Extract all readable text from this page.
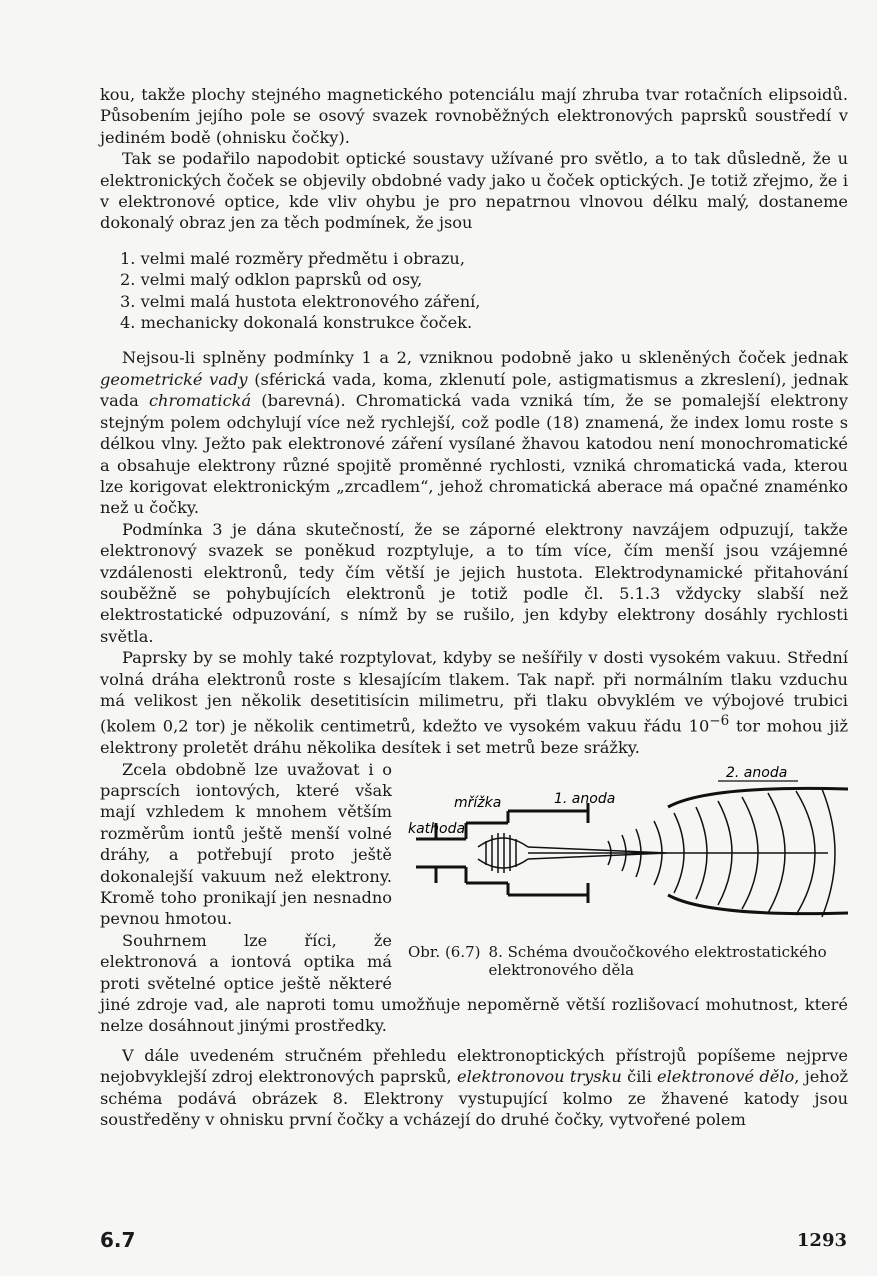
kou, takže plochy stejného magnetického potenciálu mají zhruba tvar rotačních elipsoidů. Působením jejího pole se osový svazek rovnoběžných elektronových paprsků soustředí v jediném bodě (ohnisku čočky).

Tak se podařilo napodobit optické soustavy užívané pro světlo, a to tak důsledně, že u elektronických čoček se objevily obdobné vady jako u čoček optických. Je totiž zřejmo, že i v elektronové optice, kde vliv ohybu je pro nepatrnou vlnovou délku malý, dostaneme dokonalý obraz jen za těch podmínek, že jsou

1. velmi malé rozměry předmětu i obrazu,
2. velmi malý odklon paprsků od osy,
3. velmi malá hustota elektronového záření,
4. mechanicky dokonalá konstrukce čoček.

Nejsou-li splněny podmínky 1 a 2, vzniknou podobně jako u skleněných čoček jednak geometrické vady (sférická vada, koma, zklenutí pole, astigmatismus a zkreslení), jednak vada chromatická (barevná). Chromatická vada vzniká tím, že se pomalejší elektrony stejným polem odchylují více než rychlejší, což podle (18) znamená, že index lomu roste s délkou vlny. Ježto pak elektronové záření vysílané žhavou katodou není monochromatické a obsahuje elektrony různé spojitě proměnné rychlosti, vzniká chromatická vada, kterou lze korigovat elektronickým „zrcadlem“, jehož chromatická aberace má opačné znaménko než u čočky.

Podmínka 3 je dána skutečností, že se záporné elektrony navzájem odpuzují, takže elektronový svazek se poněkud rozptyluje, a to tím více, čím menší jsou vzájemné vzdálenosti elektronů, tedy čím větší je jejich hustota. Elektrodynamické přitahování souběžně se pohybujících elektronů je totiž podle čl. 5.1.3 vždycky slabší než elektrostatické odpuzování, s nímž by se rušilo, jen kdyby elektrony dosáhly rychlosti světla.

Paprsky by se mohly také rozptylovat, kdyby se nešířily v dosti vysokém vakuu. Střední volná dráha elektronů roste s klesajícím tlakem. Tak např. při normálním tlaku vzduchu má velikost jen několik desetitisícin milimetru, při tlaku obvyklém ve výbojové trubici (kolem 0,2 tor) je několik centimetrů, kdežto ve vysokém vakuu řádu $10^{-6}$ tor mohou již elektrony proletět dráhu několika desítek i set metrů beze srážky.

2. anoda
mřížka	1. anoda
kathoda
Obr. (6.7) 8. Schéma dvoučočkového elektrostatického elektronového děla

Zcela obdobně lze uvažovat i o paprscích iontových, které však mají vzhledem k mnohem větším rozměrům iontů ještě menší volné dráhy, a potřebují proto ještě dokonalejší vakuum než elektrony. Kromě toho pronikají jen nesnadno pevnou hmotou.

Souhrnem lze říci, že elektronová a iontová optika má proti světelné optice ještě některé jiné zdroje vad, ale naproti tomu umožňuje nepoměrně větší rozlišovací mohutnost, které nelze dosáhnout jinými prostředky.

V dále uvedeném stručném přehledu elektronoptických přístrojů popíšeme nejprve nejobvyklejší zdroj elektronových paprsků, elektronovou trysku čili elektronové dělo, jehož schéma podává obrázek 8. Elektrony vystupující kolmo ze žhavené katody jsou soustředěny v ohnisku první čočky a vcházejí do druhé čočky, vytvořené polem

6.7	1293
